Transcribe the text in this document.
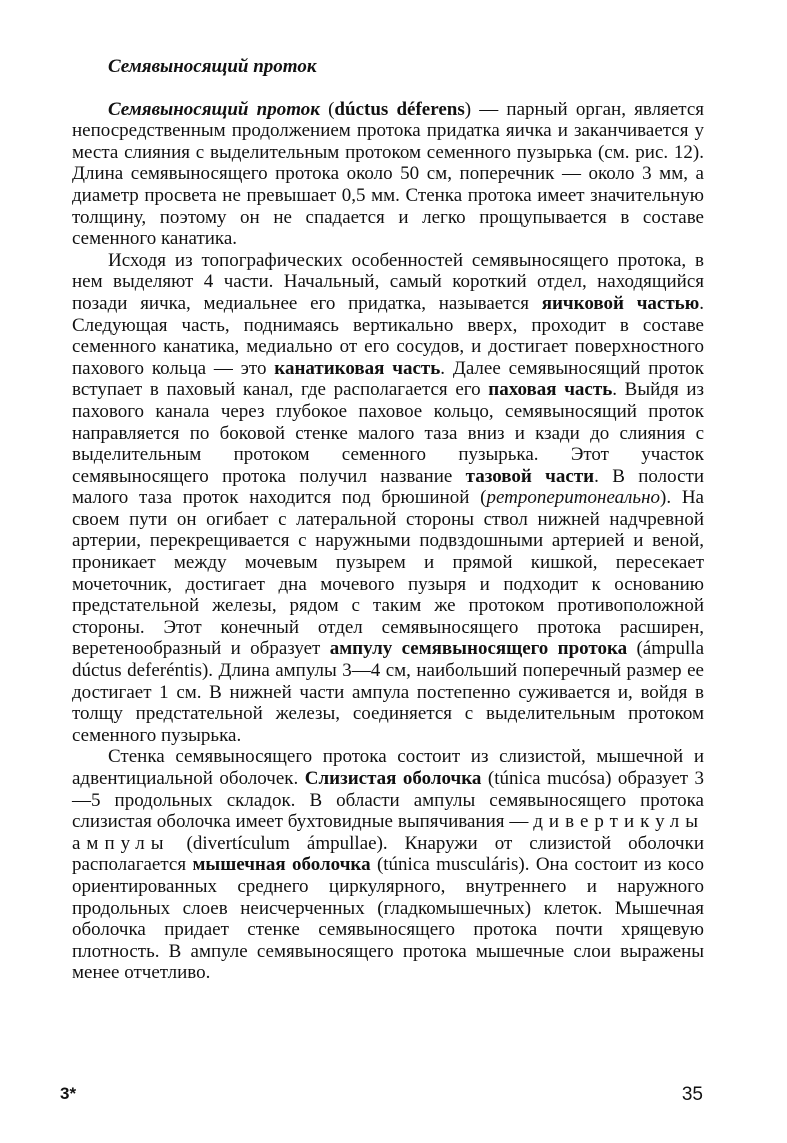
Семявыносящий проток

Семявыносящий проток (dúctus déferens) — парный орган, является непосредственным продолжением протока придатка яичка и заканчивается у места слияния с выделительным протоком семенного пузырька (см. рис. 12). Длина семявыносящего протока около 50 см, поперечник — около 3 мм, а диаметр просвета не превышает 0,5 мм. Стенка протока имеет значительную толщину, поэтому он не спадается и легко прощупывается в составе семенного канатика.

Исходя из топографических особенностей семявыносящего протока, в нем выделяют 4 части. Начальный, самый короткий отдел, находящийся позади яичка, медиальнее его придатка, называется яичковой частью. Следующая часть, поднимаясь вертикально вверх, проходит в составе семенного канатика, медиально от его сосудов, и достигает поверхностного пахового кольца — это канатиковая часть. Далее семявыносящий проток вступает в паховый канал, где располагается его паховая часть. Выйдя из пахового канала через глубокое паховое кольцо, семявыносящий проток направляется по боковой стенке малого таза вниз и кзади до слияния с выделительным протоком семенного пузырька. Этот участок семявыносящего протока получил название тазовой части. В полости малого таза проток находится под брюшиной (ретроперитонеально). На своем пути он огибает с латеральной стороны ствол нижней надчревной артерии, перекрещивается с наружными подвздошными артерией и веной, проникает между мочевым пузырем и прямой кишкой, пересекает мочеточник, достигает дна мочевого пузыря и подходит к основанию предстательной железы, рядом с таким же протоком противоположной стороны. Этот конечный отдел семявыносящего протока расширен, веретенообразный и образует ампулу семявыносящего протока (ámpulla dúctus deferéntis). Длина ампулы 3—4 см, наибольший поперечный размер ее достигает 1 см. В нижней части ампула постепенно суживается и, войдя в толщу предстательной железы, соединяется с выделительным протоком семенного пузырька.

Стенка семявыносящего протока состоит из слизистой, мышечной и адвентициальной оболочек. Слизистая оболочка (túnica mucósa) образует 3—5 продольных складок. В области ампулы семявыносящего протока слизистая оболочка имеет бухтовидные выпячивания — дивертикулы ампулы (divertículum ámpullae). Кнаружи от слизистой оболочки располагается мышечная оболочка (túnica musculáris). Она состоит из косо ориентированных среднего циркулярного, внутреннего и наружного продольных слоев неисчерченных (гладкомышечных) клеток. Мышечная оболочка придает стенке семявыносящего протока почти хрящевую плотность. В ампуле семявыносящего протока мышечные слои выражены менее отчетливо.

3*	35
